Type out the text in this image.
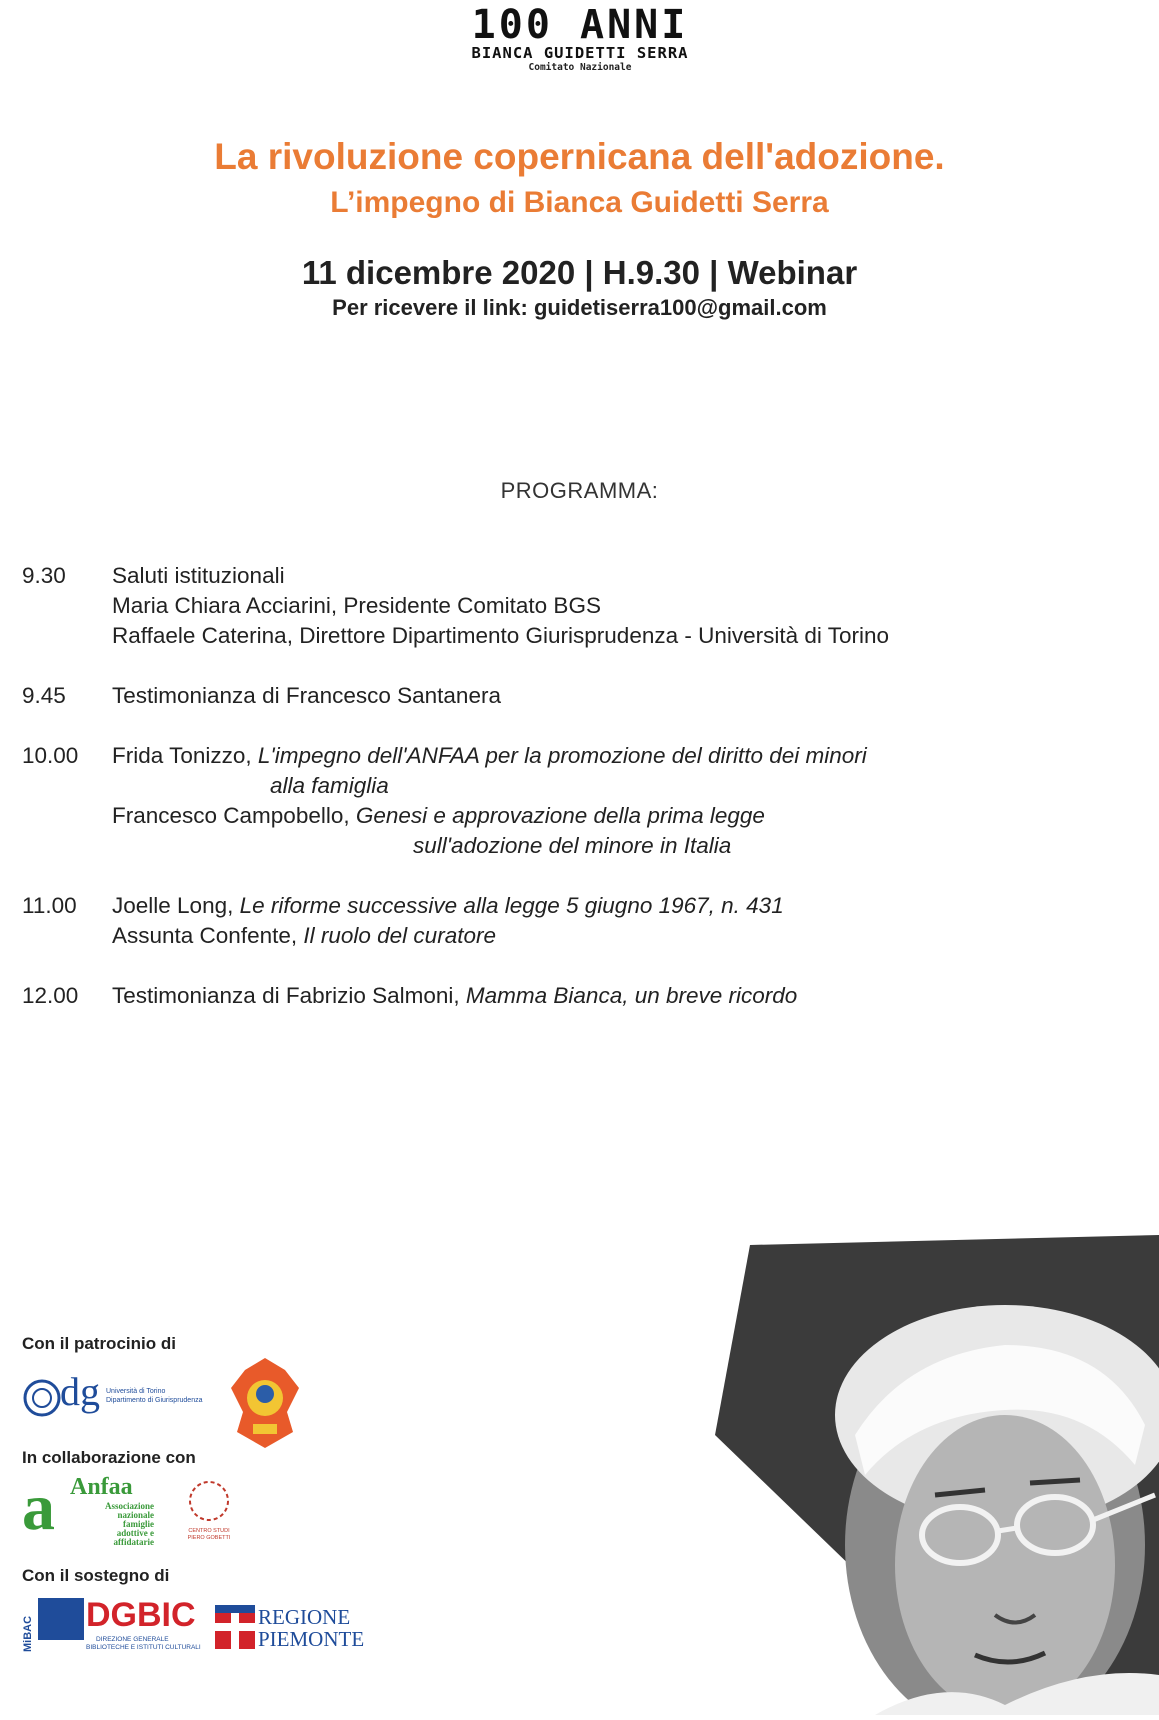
100 ANNI
BIANCA GUIDETTI SERRA
Comitato Nazionale
La rivoluzione copernicana dell'adozione.
L’impegno di Bianca Guidetti Serra
11 dicembre 2020 | H.9.30 | Webinar
Per ricevere il link: guidetiserra100@gmail.com
PROGRAMMA:
9.30 Saluti istituzionali
Maria Chiara Acciarini, Presidente Comitato BGS
Raffaele Caterina, Direttore Dipartimento Giurisprudenza - Università di Torino
9.45 Testimonianza di Francesco Santanera
10.00 Frida Tonizzo, L'impegno dell'ANFAA per la promozione del diritto dei minori
alla famiglia
Francesco Campobello, Genesi e approvazione della prima legge
sull'adozione del minore in Italia
11.00 Joelle Long, Le riforme successive alla legge 5 giugno 1967, n. 431
Assunta Confente, Il ruolo del curatore
12.00 Testimonianza di Fabrizio Salmoni, Mamma Bianca, un breve ricordo
Con il patrocinio di
dg Università di Torino
Dipartimento di Giurisprudenza
In collaborazione con
a Anfaa
Associazione
nazionale
famiglie
adottive e
affidatarie
CENTRO STUDI
PIERO GOBETTI
Con il sostegno di
MiBAC DGBIC
DIREZIONE GENERALE
BIBLIOTECHE E ISTITUTI CULTURALI
REGIONE
PIEMONTE
